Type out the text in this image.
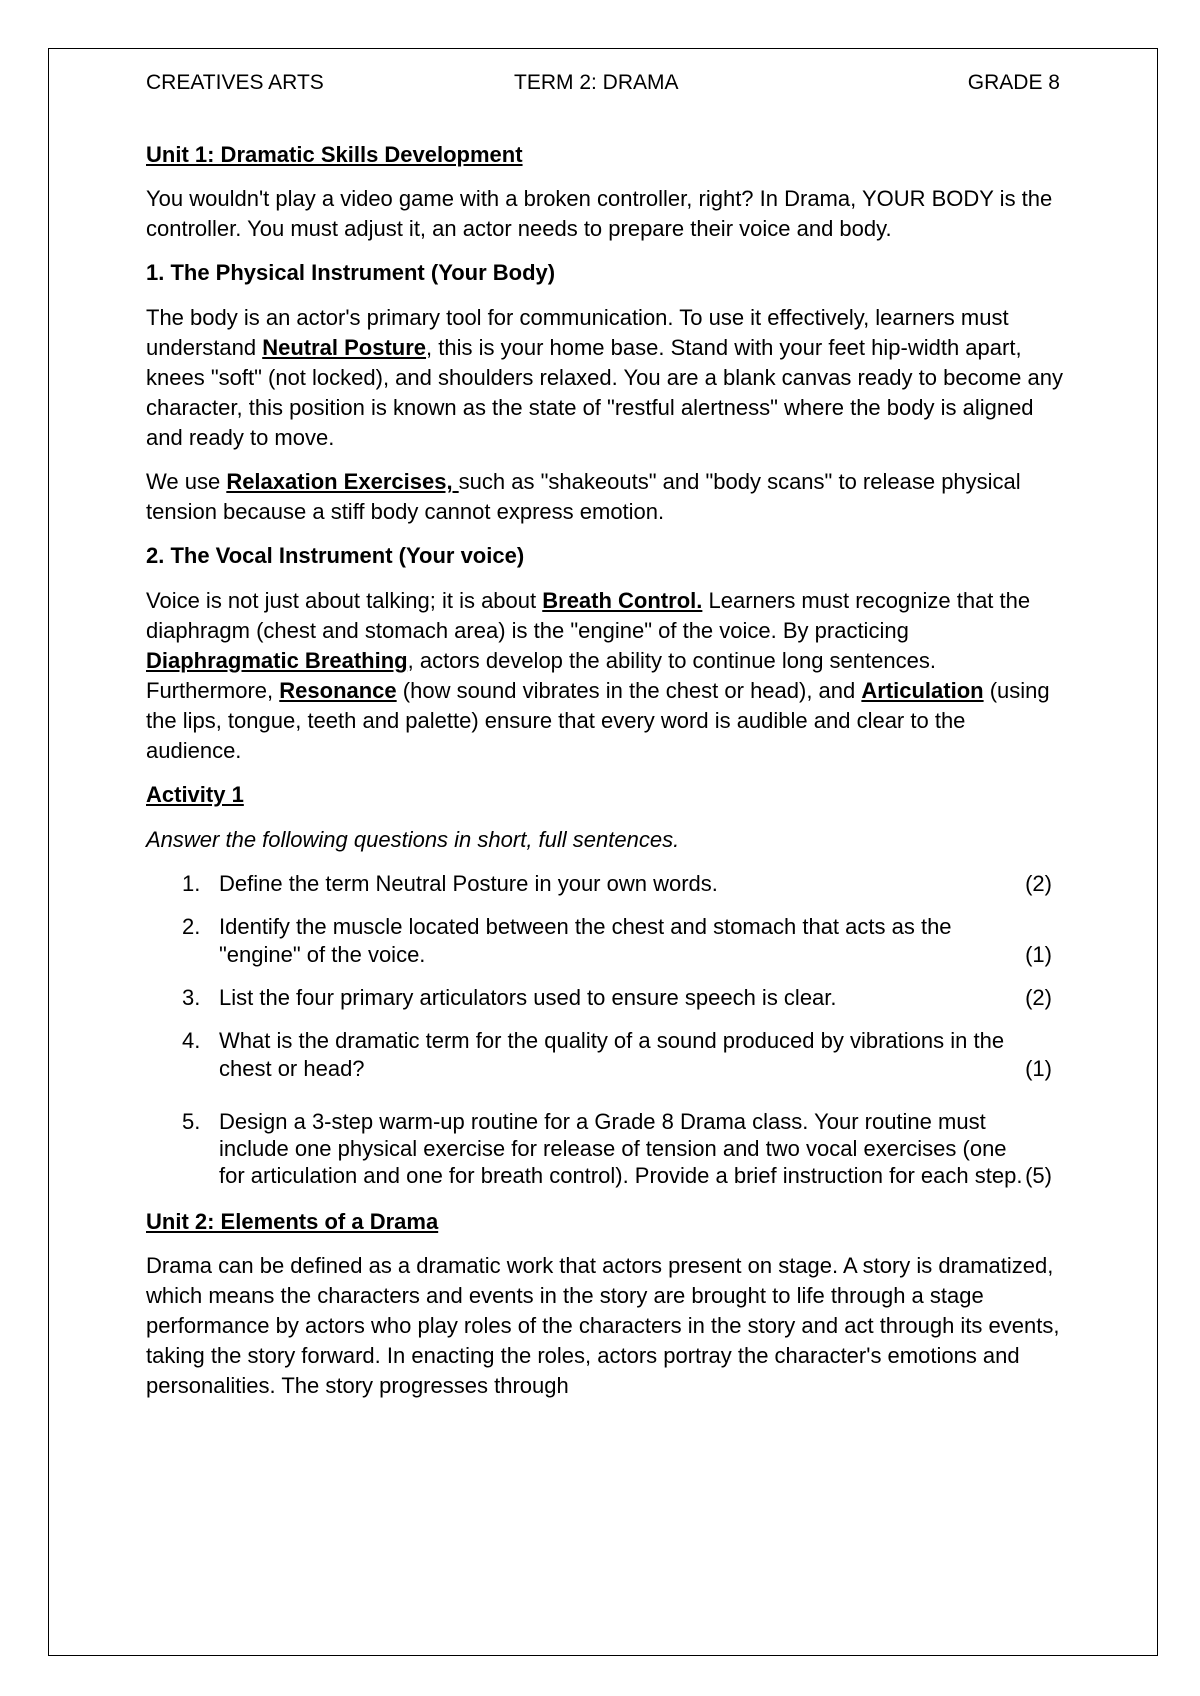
CREATIVES ARTS	TERM 2: DRAMA	GRADE 8
Unit 1: Dramatic Skills Development

You wouldn't play a video game with a broken controller, right? In Drama, YOUR BODY is the controller. You must adjust it, an actor needs to prepare their voice and body.

1. The Physical Instrument (Your Body)

The body is an actor's primary tool for communication. To use it effectively, learners must understand Neutral Posture, this is your home base. Stand with your feet hip-width apart, knees "soft" (not locked), and shoulders relaxed. You are a blank canvas ready to become any character, this position is known as the state of "restful alertness" where the body is aligned and ready to move.

We use Relaxation Exercises, such as "shakeouts" and "body scans" to release physical tension because a stiff body cannot express emotion.

2. The Vocal Instrument (Your voice)

Voice is not just about talking; it is about Breath Control. Learners must recognize that the diaphragm (chest and stomach area) is the "engine" of the voice. By practicing Diaphragmatic Breathing, actors develop the ability to continue long sentences. Furthermore, Resonance (how sound vibrates in the chest or head), and Articulation (using the lips, tongue, teeth and palette) ensure that every word is audible and clear to the audience.

Activity 1
Answer the following questions in short, full sentences.
1. Define the term Neutral Posture in your own words.	(2)
2. Identify the muscle located between the chest and stomach that acts as the "engine" of the voice.	(1)
3. List the four primary articulators used to ensure speech is clear.	(2)
4. What is the dramatic term for the quality of a sound produced by vibrations in the chest or head?	(1)
5. Design a 3-step warm-up routine for a Grade 8 Drama class. Your routine must include one physical exercise for release of tension and two vocal exercises (one for articulation and one for breath control). Provide a brief instruction for each step. (5)
Unit 2: Elements of a Drama

Drama can be defined as a dramatic work that actors present on stage. A story is dramatized, which means the characters and events in the story are brought to life through a stage performance by actors who play roles of the characters in the story and act through its events, taking the story forward. In enacting the roles, actors portray the character's emotions and personalities. The story progresses through
